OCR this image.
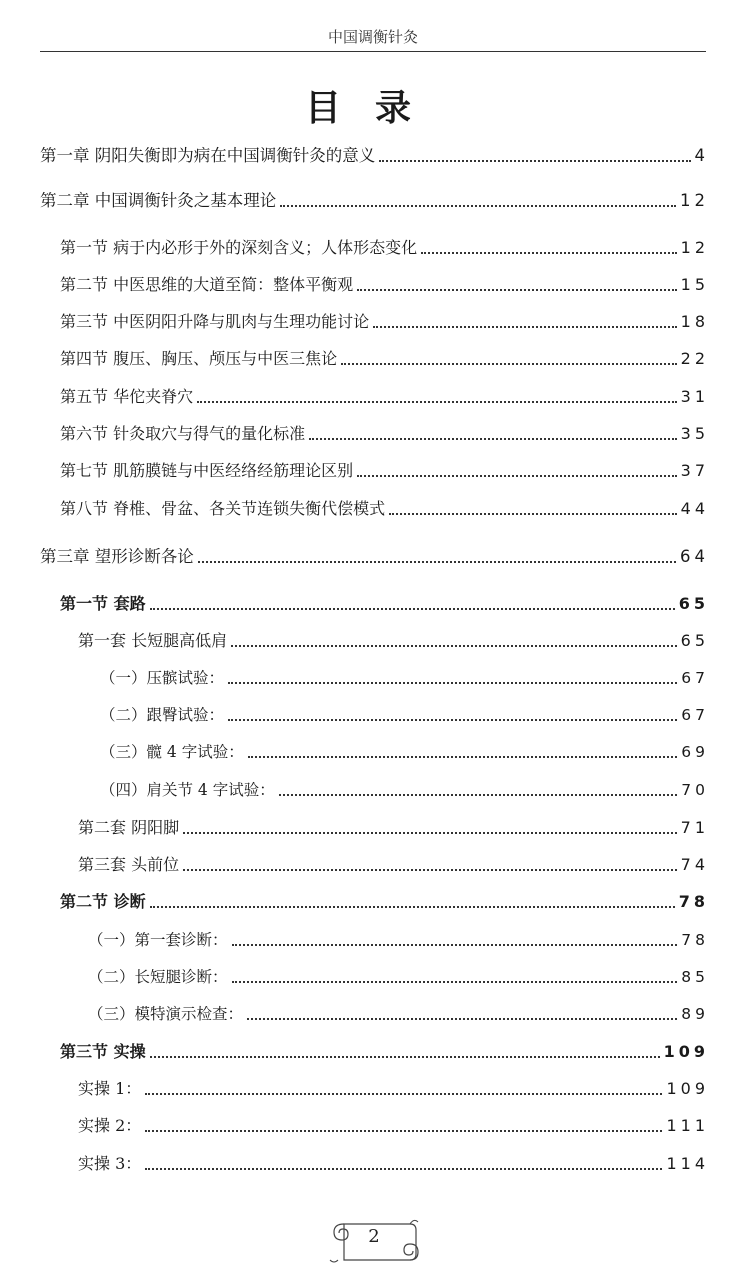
中国调衡针灸
目录
第一章 阴阳失衡即为病在中国调衡针灸的意义	4
第二章 中国调衡针灸之基本理论	12
第一节 病于内必形于外的深刻含义；人体形态变化	12
第二节 中医思维的大道至简：整体平衡观	15
第三节 中医阴阳升降与肌肉与生理功能讨论	18
第四节 腹压、胸压、颅压与中医三焦论	22
第五节 华佗夹脊穴	31
第六节 针灸取穴与得气的量化标准	35
第七节 肌筋膜链与中医经络经筋理论区别	37
第八节 脊椎、骨盆、各关节连锁失衡代偿模式	44
第三章 望形诊断各论	64
第一节 套路	65
第一套 长短腿高低肩	65
（一）压髌试验：	67
（二）跟臀试验：	67
（三）髋 4 字试验：	69
（四）肩关节 4 字试验：	70
第二套 阴阳脚	71
第三套 头前位	74
第二节 诊断	78
（一）第一套诊断：	78
（二）长短腿诊断：	85
（三）模特演示检查：	89
第三节 实操	109
实操 1：	109
实操 2：	111
实操 3：	114
2
